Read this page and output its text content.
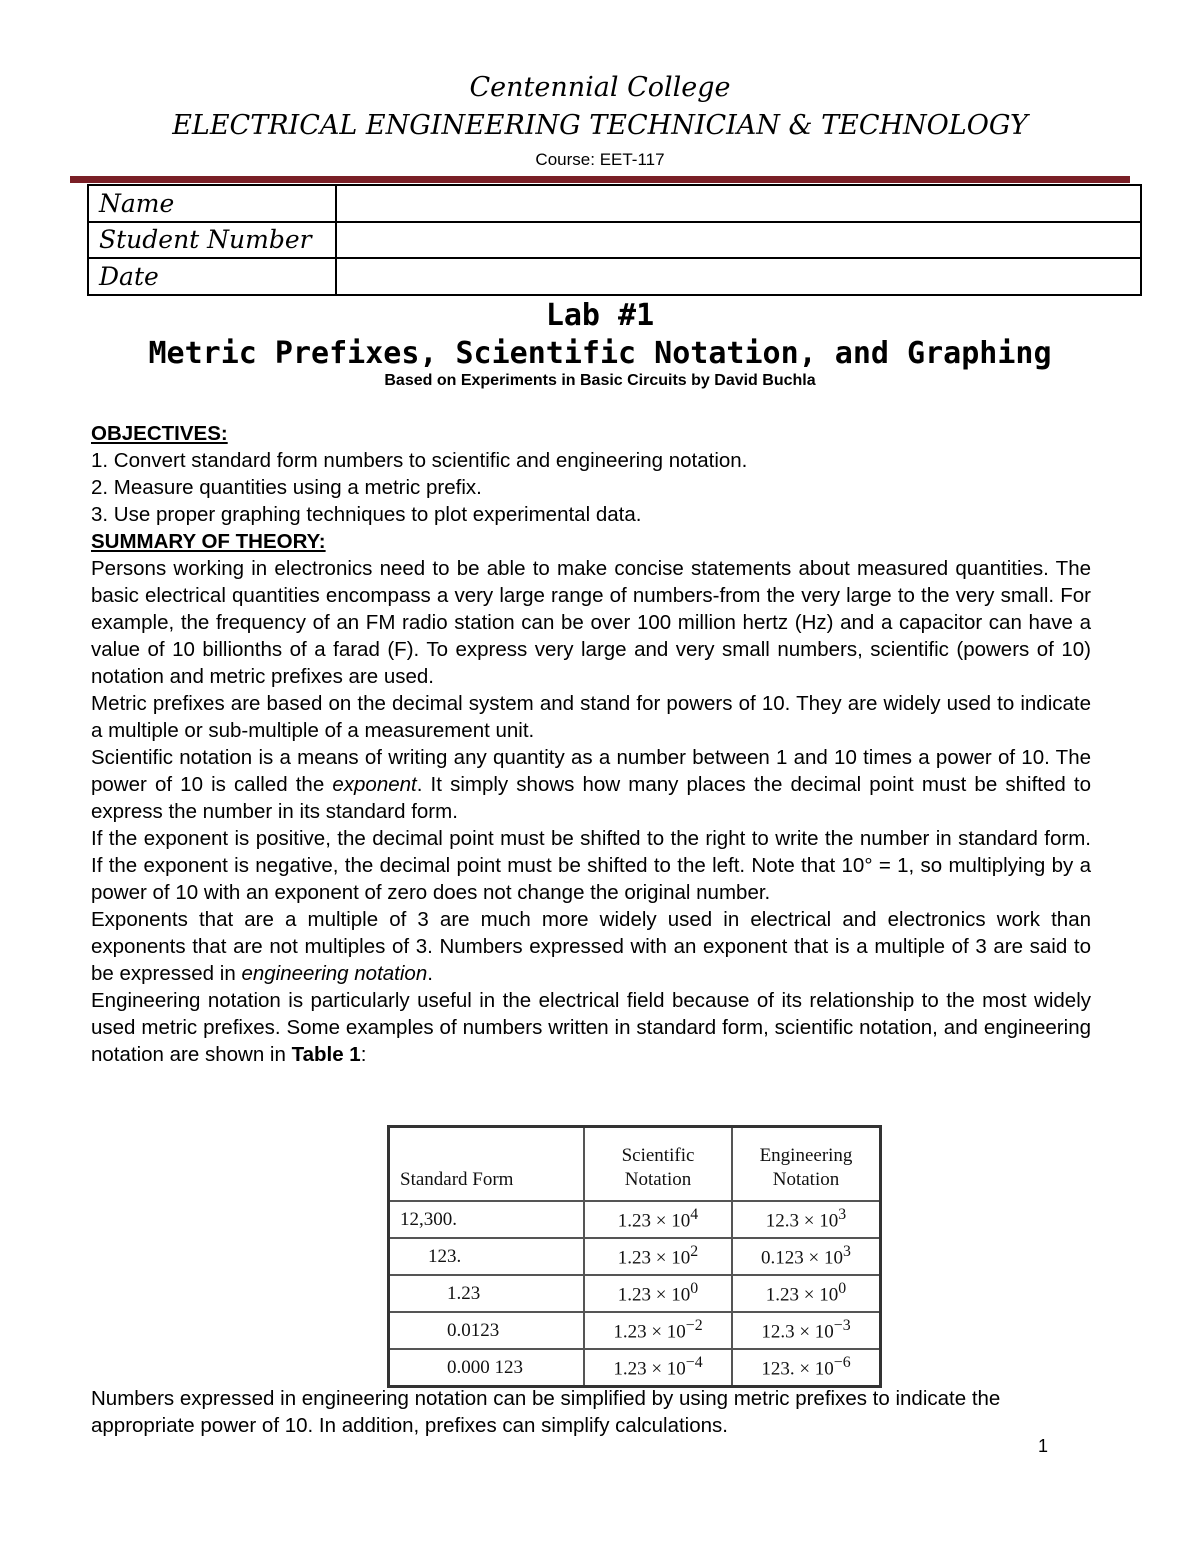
Centennial College
ELECTRICAL ENGINEERING TECHNICIAN & TECHNOLOGY
Course: EET-117
Name	
Student Number	
Date	
Lab #1
Metric Prefixes, Scientific Notation, and Graphing
Based on Experiments in Basic Circuits by David Buchla
OBJECTIVES:
1. Convert standard form numbers to scientific and engineering notation.
2. Measure quantities using a metric prefix.
3. Use proper graphing techniques to plot experimental data.
SUMMARY OF THEORY:
Persons working in electronics need to be able to make concise statements about measured quantities. The basic electrical quantities encompass a very large range of numbers-from the very large to the very small. For example, the frequency of an FM radio station can be over 100 million hertz (Hz) and a capacitor can have a value of 10 billionths of a farad (F). To express very large and very small numbers, scientific (powers of 10) notation and metric prefixes are used.
Metric prefixes are based on the decimal system and stand for powers of 10. They are widely used to indicate a multiple or sub-multiple of a measurement unit.
Scientific notation is a means of writing any quantity as a number between 1 and 10 times a power of 10. The power of 10 is called the exponent. It simply shows how many places the decimal point must be shifted to express the number in its standard form.
If the exponent is positive, the decimal point must be shifted to the right to write the number in standard form. If the exponent is negative, the decimal point must be shifted to the left. Note that 10° = 1, so multiplying by a power of 10 with an exponent of zero does not change the original number.
Exponents that are a multiple of 3 are much more widely used in electrical and electronics work than exponents that are not multiples of 3. Numbers expressed with an exponent that is a multiple of 3 are said to be expressed in engineering notation.
Engineering notation is particularly useful in the electrical field because of its relationship to the most widely used metric prefixes. Some examples of numbers written in standard form, scientific notation, and engineering notation are shown in Table 1:
Standard Form	Scientific Notation	Engineering Notation
12,300.	$1.23 \times 10^4$	$12.3 \times 10^3$
123.	$1.23 \times 10^2$	$0.123 \times 10^3$
1.23	$1.23 \times 10^0$	$1.23 \times 10^0$
0.0123	$1.23 \times 10^{-2}$	$12.3 \times 10^{-3}$
0.000 123	$1.23 \times 10^{-4}$	123. × $10^{-6}$
Numbers expressed in engineering notation can be simplified by using metric prefixes to indicate the appropriate power of 10. In addition, prefixes can simplify calculations.
1
